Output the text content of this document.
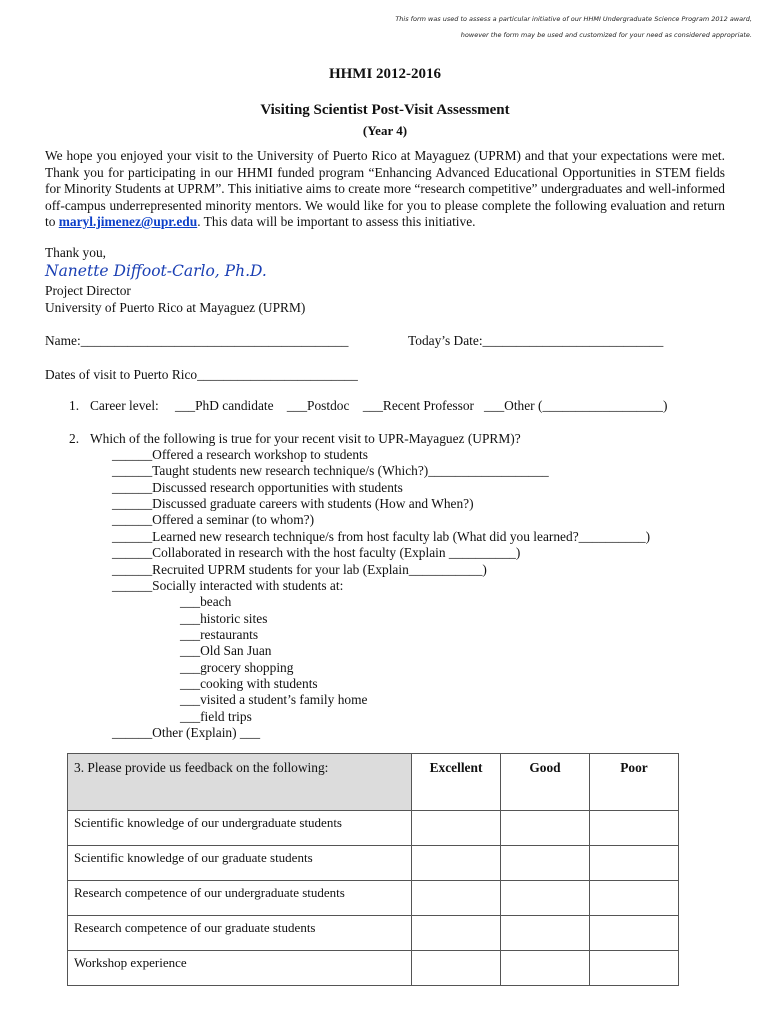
This form was used to assess a particular initiative of our HHMI Undergraduate Science Program 2012 award,
however the form may be used and customized for your need as considered appropriate.
HHMI 2012-2016
Visiting Scientist Post-Visit Assessment
(Year 4)
We hope you enjoyed your visit to the University of Puerto Rico at Mayaguez (UPRM) and that your expectations were met. Thank you for participating in our HHMI funded program “Enhancing Advanced Educational Opportunities in STEM fields for Minority Students at UPRM”. This initiative aims to create more “research competitive” undergraduates and well-informed off-campus underrepresented minority mentors. We would like for you to please complete the following evaluation and return to maryl.jimenez@upr.edu. This data will be important to assess this initiative.
Thank you,
Nanette Diffoot-Carlo, Ph.D.
Project Director
University of Puerto Rico at Mayaguez (UPRM)
Name:________________________________________	Today’s Date:___________________________
Dates of visit to Puerto Rico________________________
1. Career level: ___PhD candidate    ___Postdoc    ___Recent Professor   ___Other (__________________)
2. Which of the following is true for your recent visit to UPR-Mayaguez (UPRM)?
______Offered a research workshop to students
______Taught students new research technique/s (Which?)__________________
______Discussed research opportunities with students
______Discussed graduate careers with students (How and When?)
______Offered a seminar (to whom?)
______Learned new research technique/s from host faculty lab (What did you learned?__________)
______Collaborated in research with the host faculty (Explain __________)
______Recruited UPRM students for your lab (Explain___________)
______Socially interacted with students at:
___beach
___historic sites
___restaurants
___Old San Juan
___grocery shopping
___cooking with students
___visited a student’s family home
___field trips
______Other (Explain) ___
3. Please provide us feedback on the following:	Excellent	Good	Poor
Scientific knowledge of our undergraduate students			
Scientific knowledge of our graduate students			
Research competence of our undergraduate students			
Research competence of our graduate students			
Workshop experience			
